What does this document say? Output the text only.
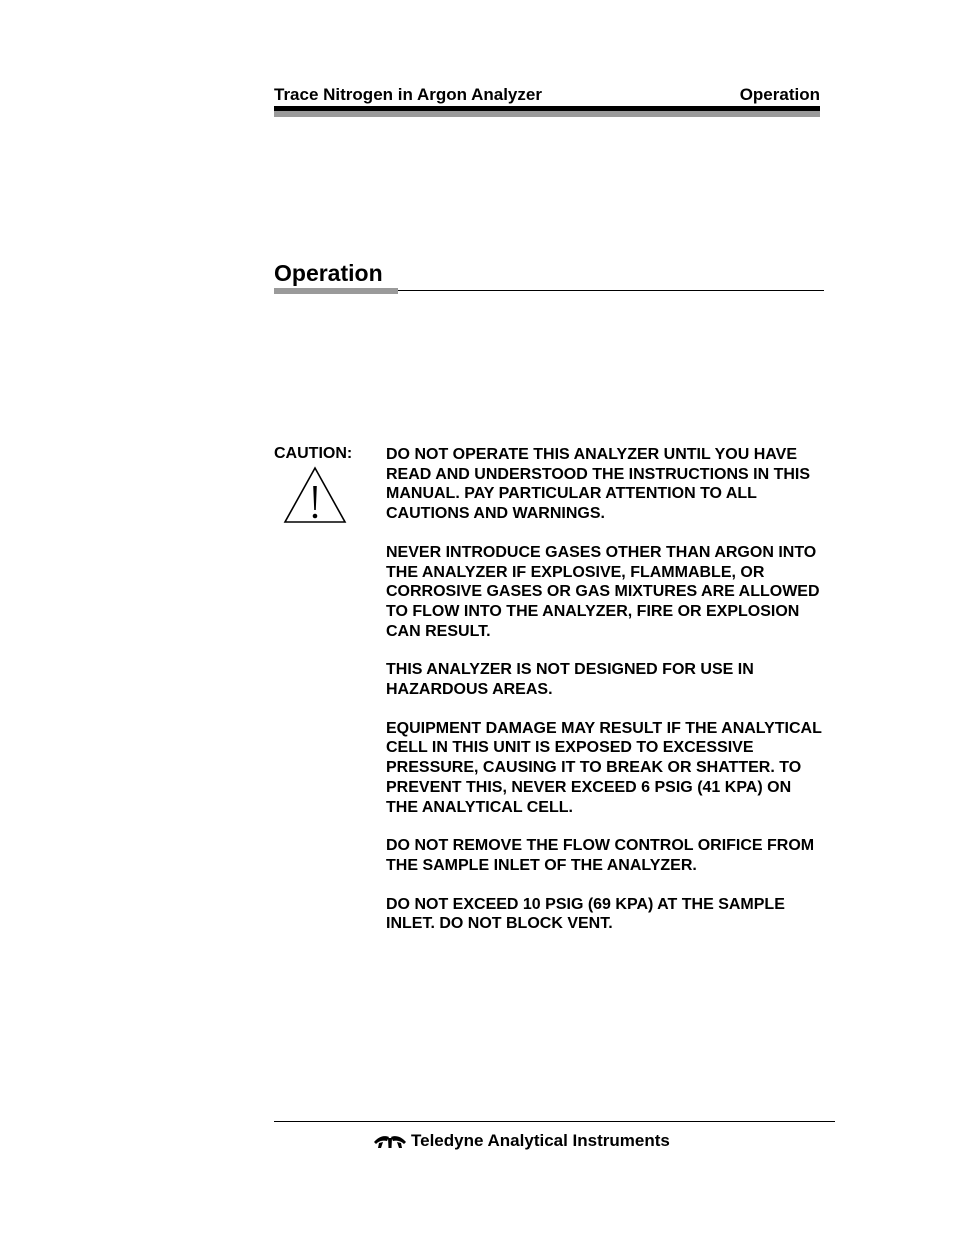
Trace Nitrogen in Argon Analyzer	Operation
Operation
CAUTION: DO NOT OPERATE THIS ANALYZER UNTIL YOU HAVE READ AND UNDERSTOOD THE INSTRUCTIONS IN THIS MANUAL. PAY PARTICULAR ATTENTION TO ALL CAUTIONS AND WARNINGS.

NEVER INTRODUCE GASES OTHER THAN ARGON INTO THE ANALYZER IF EXPLOSIVE, FLAMMABLE, OR CORROSIVE GASES OR GAS MIXTURES ARE ALLOWED TO FLOW INTO THE ANALYZER, FIRE OR EXPLOSION CAN RESULT.

THIS ANALYZER IS NOT DESIGNED FOR USE IN HAZARDOUS AREAS.

EQUIPMENT DAMAGE MAY RESULT IF THE ANALYTICAL CELL IN THIS UNIT IS EXPOSED TO EXCESSIVE PRESSURE, CAUSING IT TO BREAK OR SHATTER. TO PREVENT THIS, NEVER EXCEED 6 PSIG (41 KPA) ON THE ANALYTICAL CELL.

DO NOT REMOVE THE FLOW CONTROL ORIFICE FROM THE SAMPLE INLET OF THE ANALYZER.

DO NOT EXCEED 10 PSIG (69 KPA) AT THE SAMPLE INLET. DO NOT BLOCK VENT.

Teledyne Analytical Instruments
